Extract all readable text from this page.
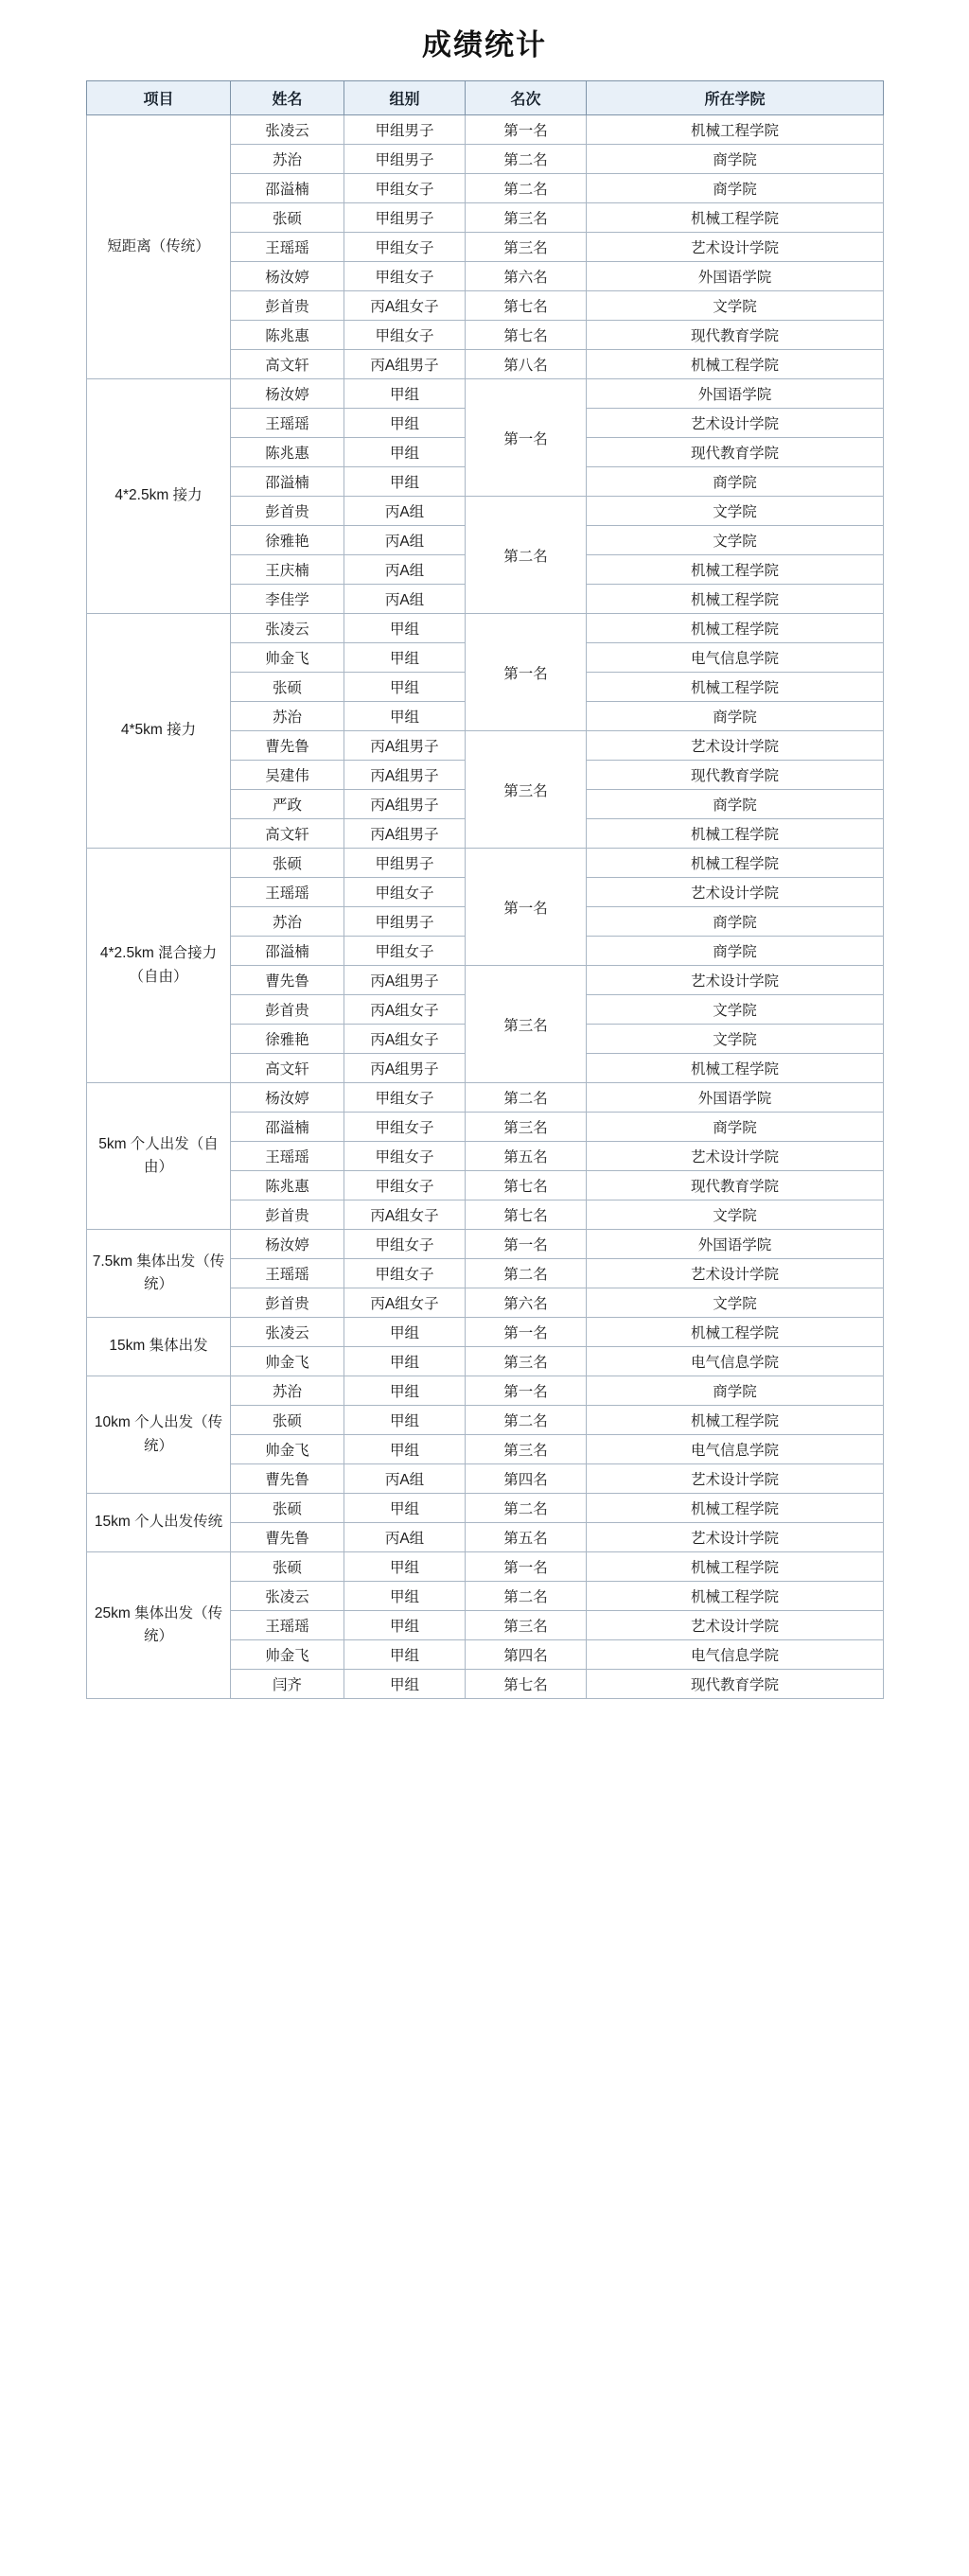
成绩统计
项目	姓名	组别	名次	所在学院
短距离（传统）	张凌云	甲组男子	第一名	机械工程学院
	苏治	甲组男子	第二名	商学院
	邵溢楠	甲组女子	第二名	商学院
	张硕	甲组男子	第三名	机械工程学院
	王瑶瑶	甲组女子	第三名	艺术设计学院
	杨汝婷	甲组女子	第六名	外国语学院
	彭首贵	丙A组女子	第七名	文学院
	陈兆惠	甲组女子	第七名	现代教育学院
	高文轩	丙A组男子	第八名	机械工程学院
4*2.5km 接力	杨汝婷	甲组	第一名	外国语学院
	王瑶瑶	甲组		艺术设计学院
	陈兆惠	甲组		现代教育学院
	邵溢楠	甲组		商学院
	彭首贵	丙A组	第二名	文学院
	徐雅艳	丙A组		文学院
	王庆楠	丙A组		机械工程学院
	李佳学	丙A组		机械工程学院
4*5km 接力	张凌云	甲组	第一名	机械工程学院
	帅金飞	甲组		电气信息学院
	张硕	甲组		机械工程学院
	苏治	甲组		商学院
	曹先鲁	丙A组男子	第三名	艺术设计学院
	吴建伟	丙A组男子		现代教育学院
	严政	丙A组男子		商学院
	高文轩	丙A组男子		机械工程学院
4*2.5km 混合接力（自由）	张硕	甲组男子	第一名	机械工程学院
	王瑶瑶	甲组女子		艺术设计学院
	苏治	甲组男子		商学院
	邵溢楠	甲组女子		商学院
	曹先鲁	丙A组男子	第三名	艺术设计学院
	彭首贵	丙A组女子		文学院
	徐雅艳	丙A组女子		文学院
	高文轩	丙A组男子		机械工程学院
5km 个人出发（自由）	杨汝婷	甲组女子	第二名	外国语学院
	邵溢楠	甲组女子	第三名	商学院
	王瑶瑶	甲组女子	第五名	艺术设计学院
	陈兆惠	甲组女子	第七名	现代教育学院
	彭首贵	丙A组女子	第七名	文学院
7.5km 集体出发（传统）	杨汝婷	甲组女子	第一名	外国语学院
	王瑶瑶	甲组女子	第二名	艺术设计学院
	彭首贵	丙A组女子	第六名	文学院
15km 集体出发	张凌云	甲组	第一名	机械工程学院
	帅金飞	甲组	第三名	电气信息学院
10km 个人出发（传统）	苏治	甲组	第一名	商学院
	张硕	甲组	第二名	机械工程学院
	帅金飞	甲组	第三名	电气信息学院
	曹先鲁	丙A组	第四名	艺术设计学院
15km 个人出发传统	张硕	甲组	第二名	机械工程学院
	曹先鲁	丙A组	第五名	艺术设计学院
25km 集体出发（传统）	张硕	甲组	第一名	机械工程学院
	张凌云	甲组	第二名	机械工程学院
	王瑶瑶	甲组	第三名	艺术设计学院
	帅金飞	甲组	第四名	电气信息学院
	闫齐	甲组	第七名	现代教育学院
